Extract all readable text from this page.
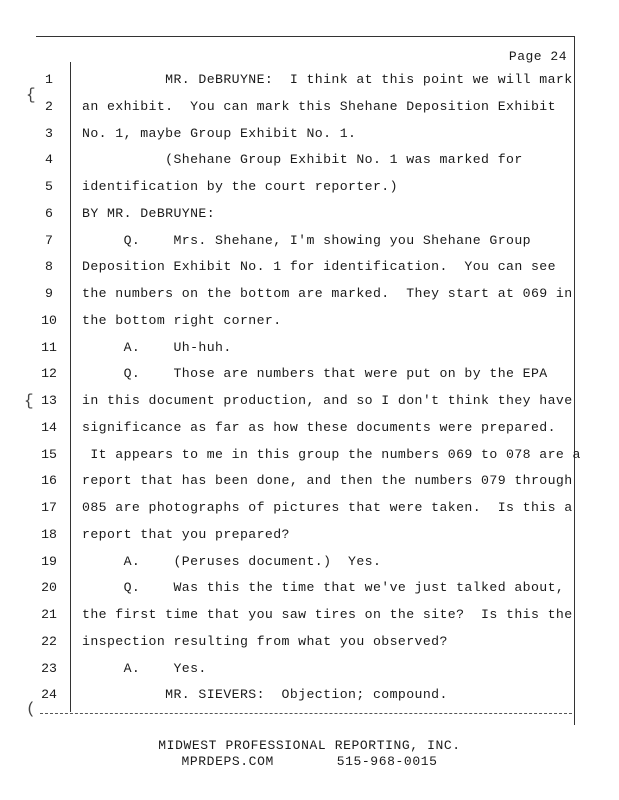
{
{
(
Page 24
1	MR. DeBRUYNE:  I think at this point we will mark
2	an exhibit.  You can mark this Shehane Deposition Exhibit
3	No. 1, maybe Group Exhibit No. 1.
4	(Shehane Group Exhibit No. 1 was marked for
5	identification by the court reporter.)
6	BY MR. DeBRUYNE:
7	Q.    Mrs. Shehane, I'm showing you Shehane Group
8	Deposition Exhibit No. 1 for identification.  You can see
9	the numbers on the bottom are marked.  They start at 069 in
10	the bottom right corner.
11	A.    Uh-huh.
12	Q.    Those are numbers that were put on by the EPA
13	in this document production, and so I don't think they have
14	significance as far as how these documents were prepared.
15	It appears to me in this group the numbers 069 to 078 are a
16	report that has been done, and then the numbers 079 through
17	085 are photographs of pictures that were taken.  Is this a
18	report that you prepared?
19	A.    (Peruses document.)  Yes.
20	Q.    Was this the time that we've just talked about,
21	the first time that you saw tires on the site?  Is this the
22	inspection resulting from what you observed?
23	A.    Yes.
24	MR. SIEVERS:  Objection; compound.
MIDWEST PROFESSIONAL REPORTING, INC.
MPRDEPS.COM	515-968-0015
